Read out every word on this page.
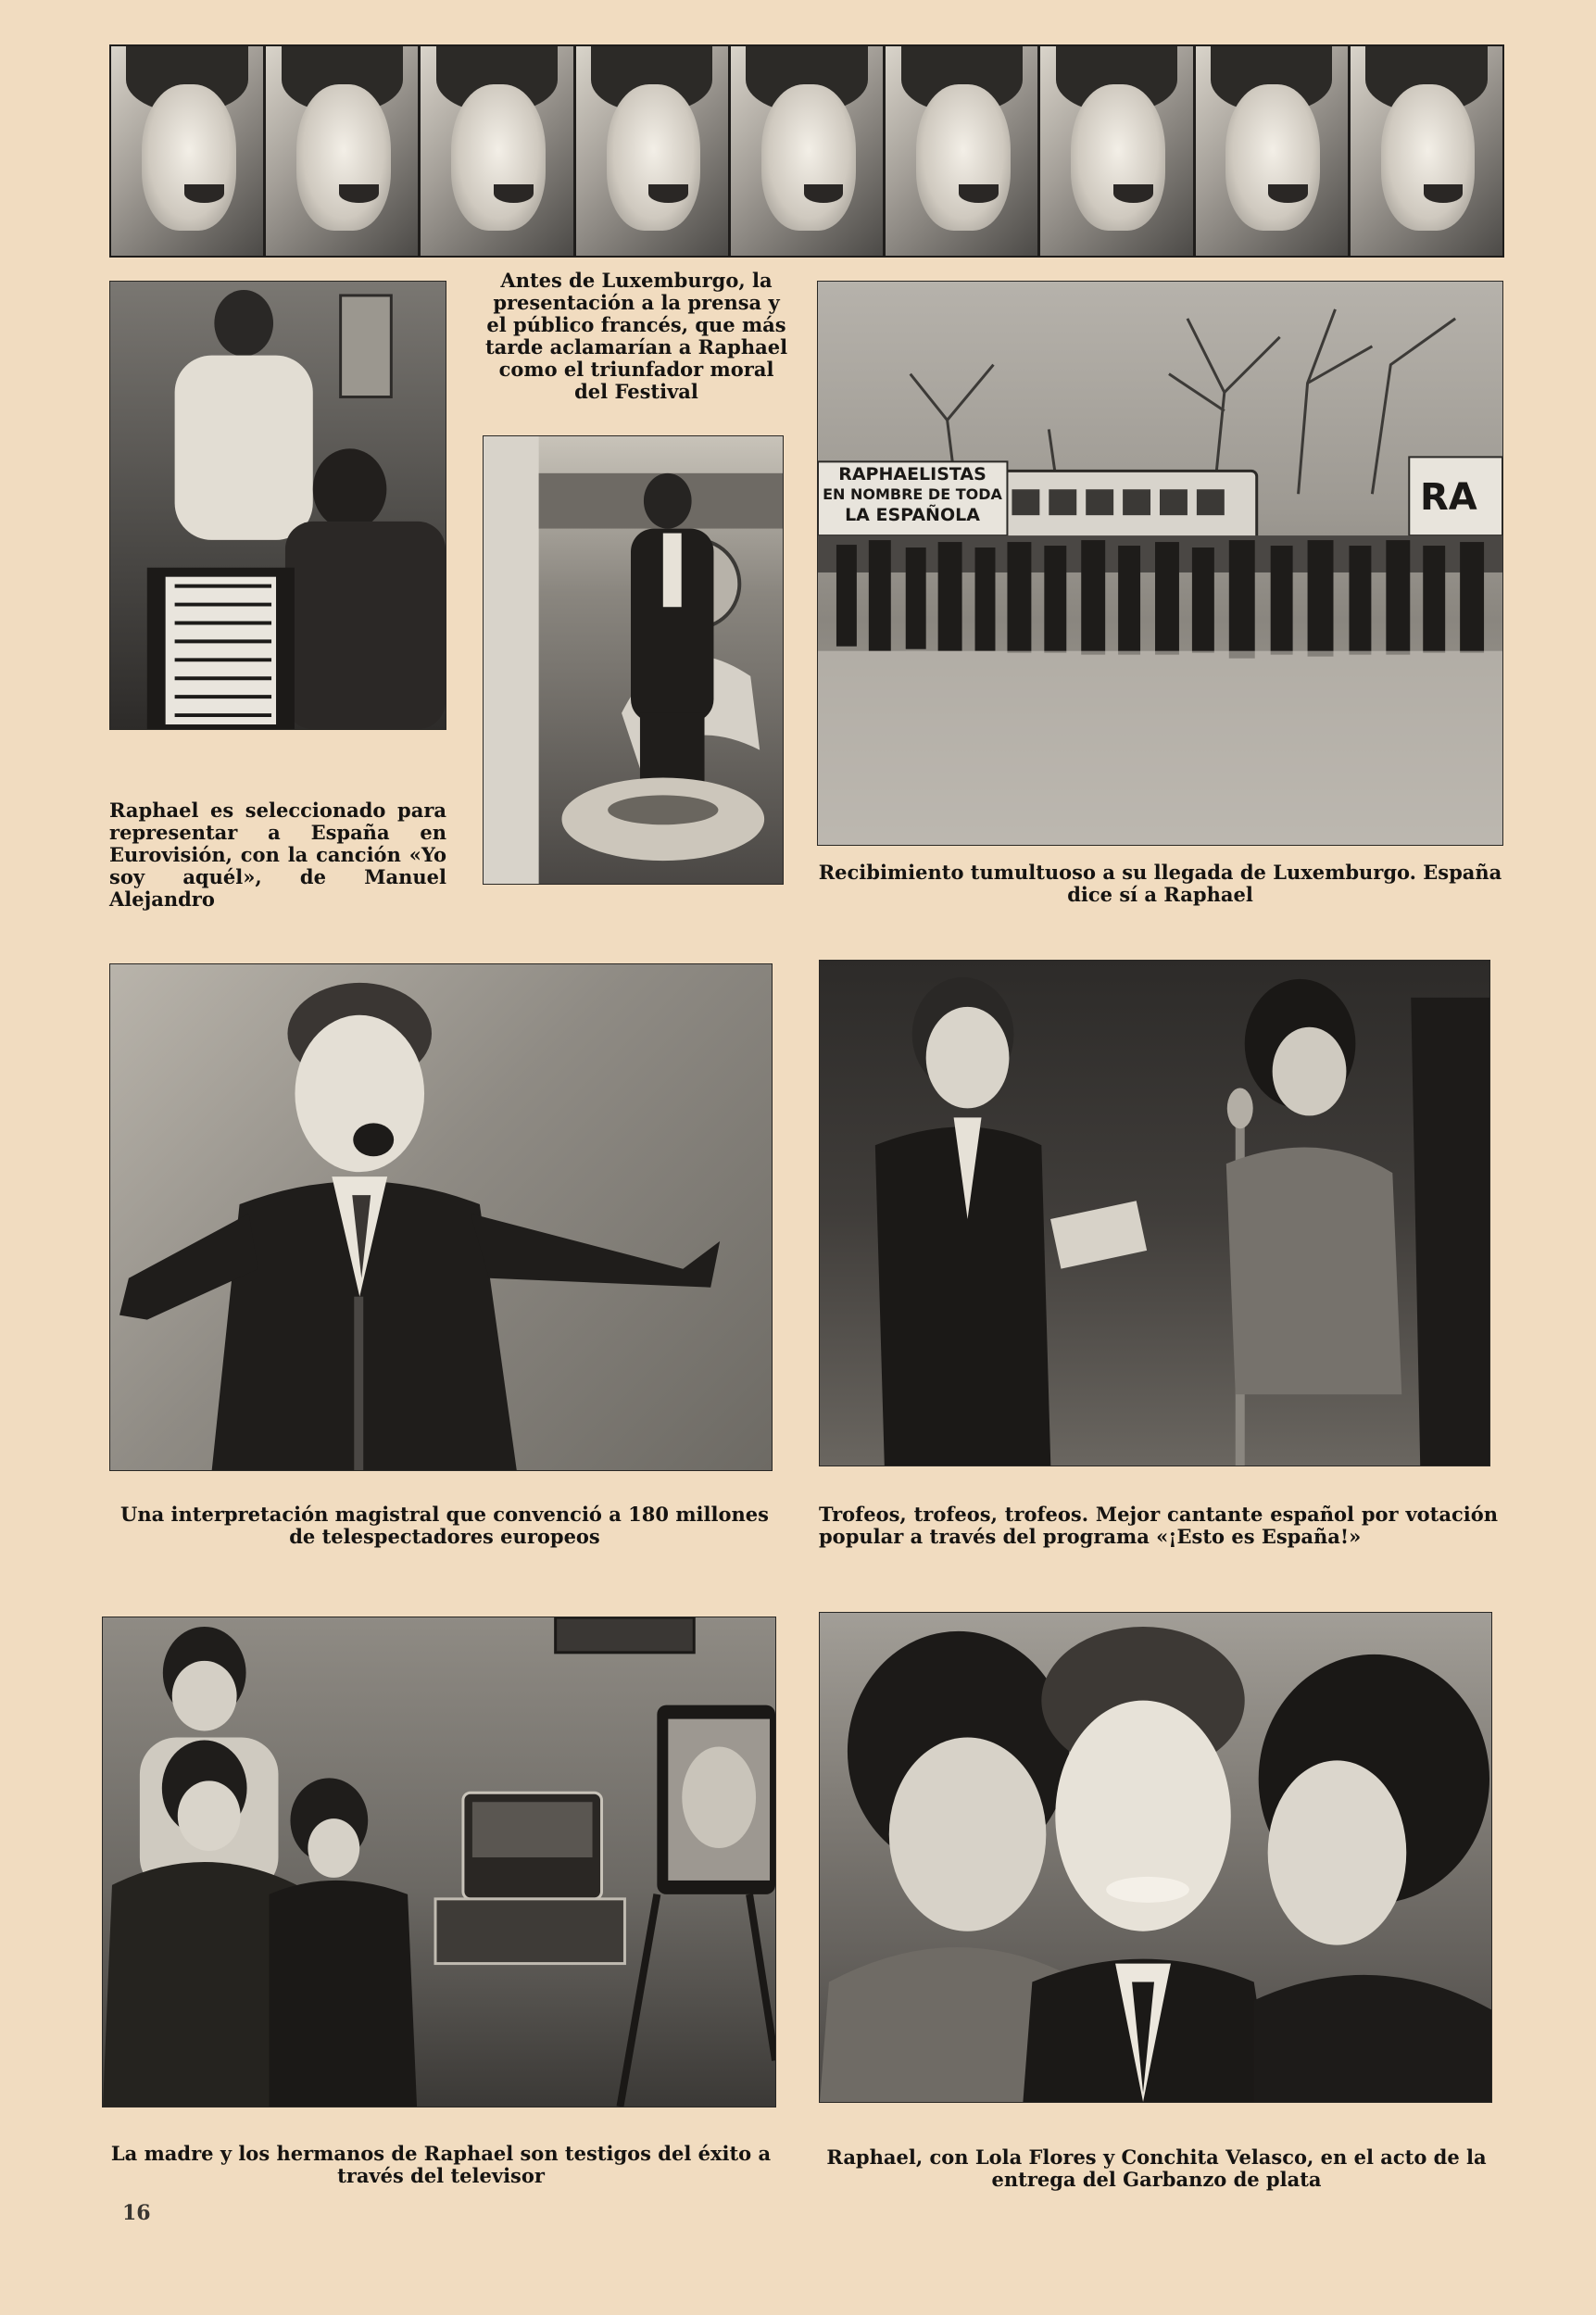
Antes de Luxemburgo, la presentación a la prensa y el público francés, que más tarde aclamarían a Raphael como el triunfador moral del Festival

RAPHAELISTAS
EN NOMBRE DE TODA
LA ESPAÑOLA	RA

Raphael es seleccionado para representar a España en Eurovisión, con la canción «Yo soy aquél», de Manuel Alejandro

Recibimiento tumultuoso a su llegada de Luxemburgo. España dice sí a Raphael

Una interpretación magistral que convenció a 180 millones de telespectadores europeos

Trofeos, trofeos, trofeos. Mejor cantante español por votación popular a través del programa «¡Esto es España!»

La madre y los hermanos de Raphael son testigos del éxito a través del televisor

Raphael, con Lola Flores y Conchita Velasco, en el acto de la entrega del Garbanzo de plata

16
